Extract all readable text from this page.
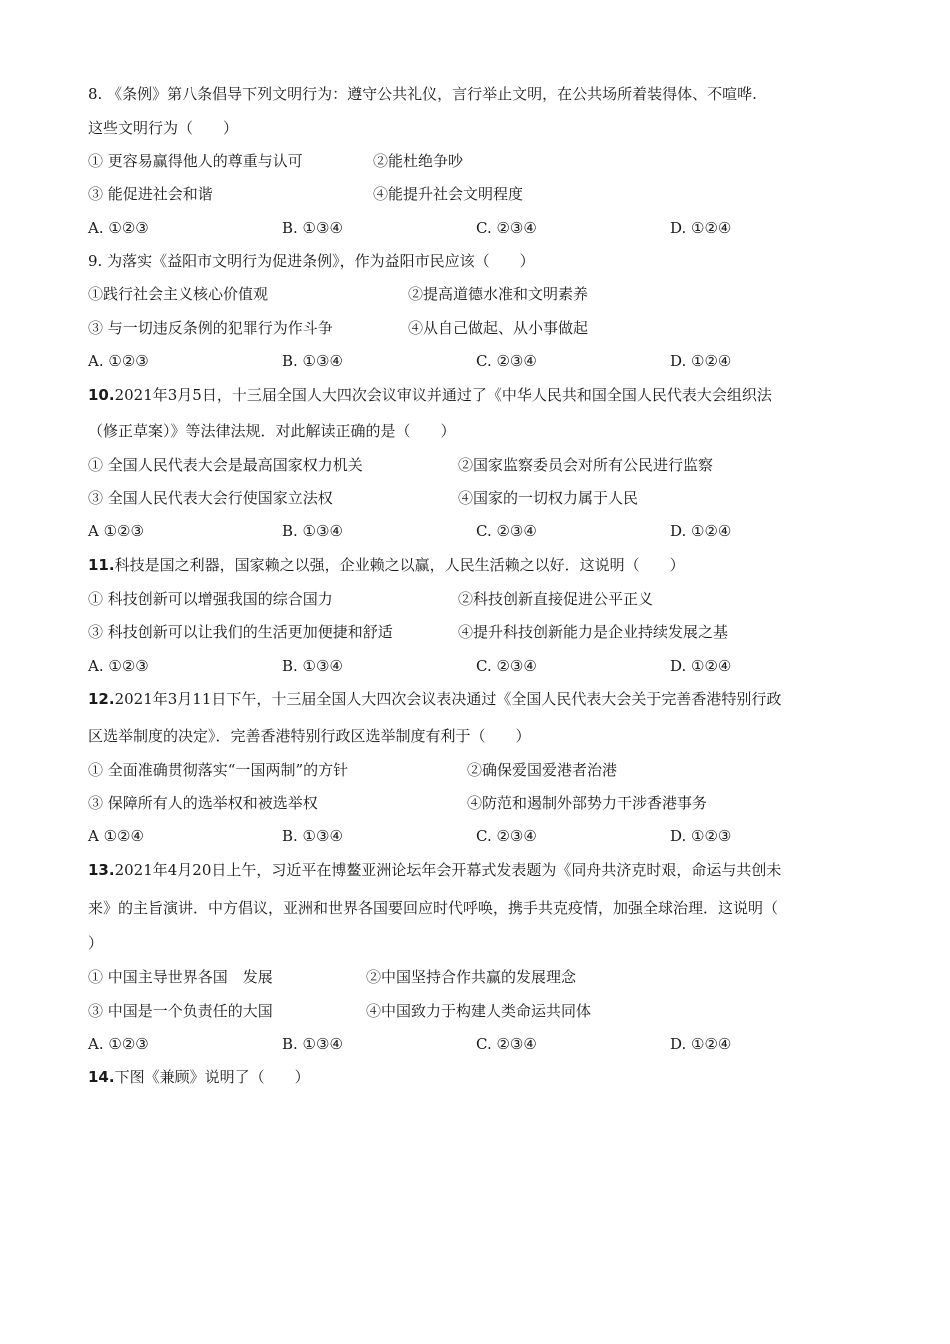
8. 《条例》第八条倡导下列文明行为：遵守公共礼仪，言行举止文明，在公共场所着装得体、不喧哗.
这些文明行为（　　）
① 更容易赢得他人的尊重与认可	②能杜绝争吵
③ 能促进社会和谐	④能提升社会文明程度
A. ①②③	B. ①③④	C. ②③④	D. ①②④
9. 为落实《益阳市文明行为促进条例》，作为益阳市民应该（　　）
①践行社会主义核心价值观	②提高道德水准和文明素养
③ 与一切违反条例的犯罪行为作斗争	④从自己做起、从小事做起
A. ①②③	B. ①③④	C. ②③④	D. ①②④
10.2021年3月5日，十三届全国人大四次会议审议并通过了《中华人民共和国全国人民代表大会组织法
（修正草案）》等法律法规．对此解读正确的是（　　）
① 全国人民代表大会是最高国家权力机关	②国家监察委员会对所有公民进行监察
③ 全国人民代表大会行使国家立法权	④国家的一切权力属于人民
A ①②③	B. ①③④	C. ②③④	D. ①②④
11.科技是国之利器，国家赖之以强，企业赖之以赢，人民生活赖之以好．这说明（　　）
① 科技创新可以增强我国的综合国力	②科技创新直接促进公平正义
③ 科技创新可以让我们的生活更加便捷和舒适	④提升科技创新能力是企业持续发展之基
A. ①②③	B. ①③④	C. ②③④	D. ①②④
12.2021年3月11日下午，十三届全国人大四次会议表决通过《全国人民代表大会关于完善香港特别行政
区选举制度的决定》．完善香港特别行政区选举制度有利于（　　）
① 全面准确贯彻落实“一国两制”的方针	②确保爱国爱港者治港
③ 保障所有人的选举权和被选举权	④防范和遏制外部势力干涉香港事务
A ①②④	B. ①③④	C. ②③④	D. ①②③
13.2021年4月20日上午，习近平在博鳌亚洲论坛年会开幕式发表题为《同舟共济克时艰，命运与共创未
来》的主旨演讲．中方倡议，亚洲和世界各国要回应时代呼唤，携手共克疫情，加强全球治理．这说明（
）
① 中国主导世界各国　发展	②中国坚持合作共赢的发展理念
③ 中国是一个负责任的大国	④中国致力于构建人类命运共同体
A. ①②③	B. ①③④	C. ②③④	D. ①②④
14.下图《兼顾》说明了（　　）
